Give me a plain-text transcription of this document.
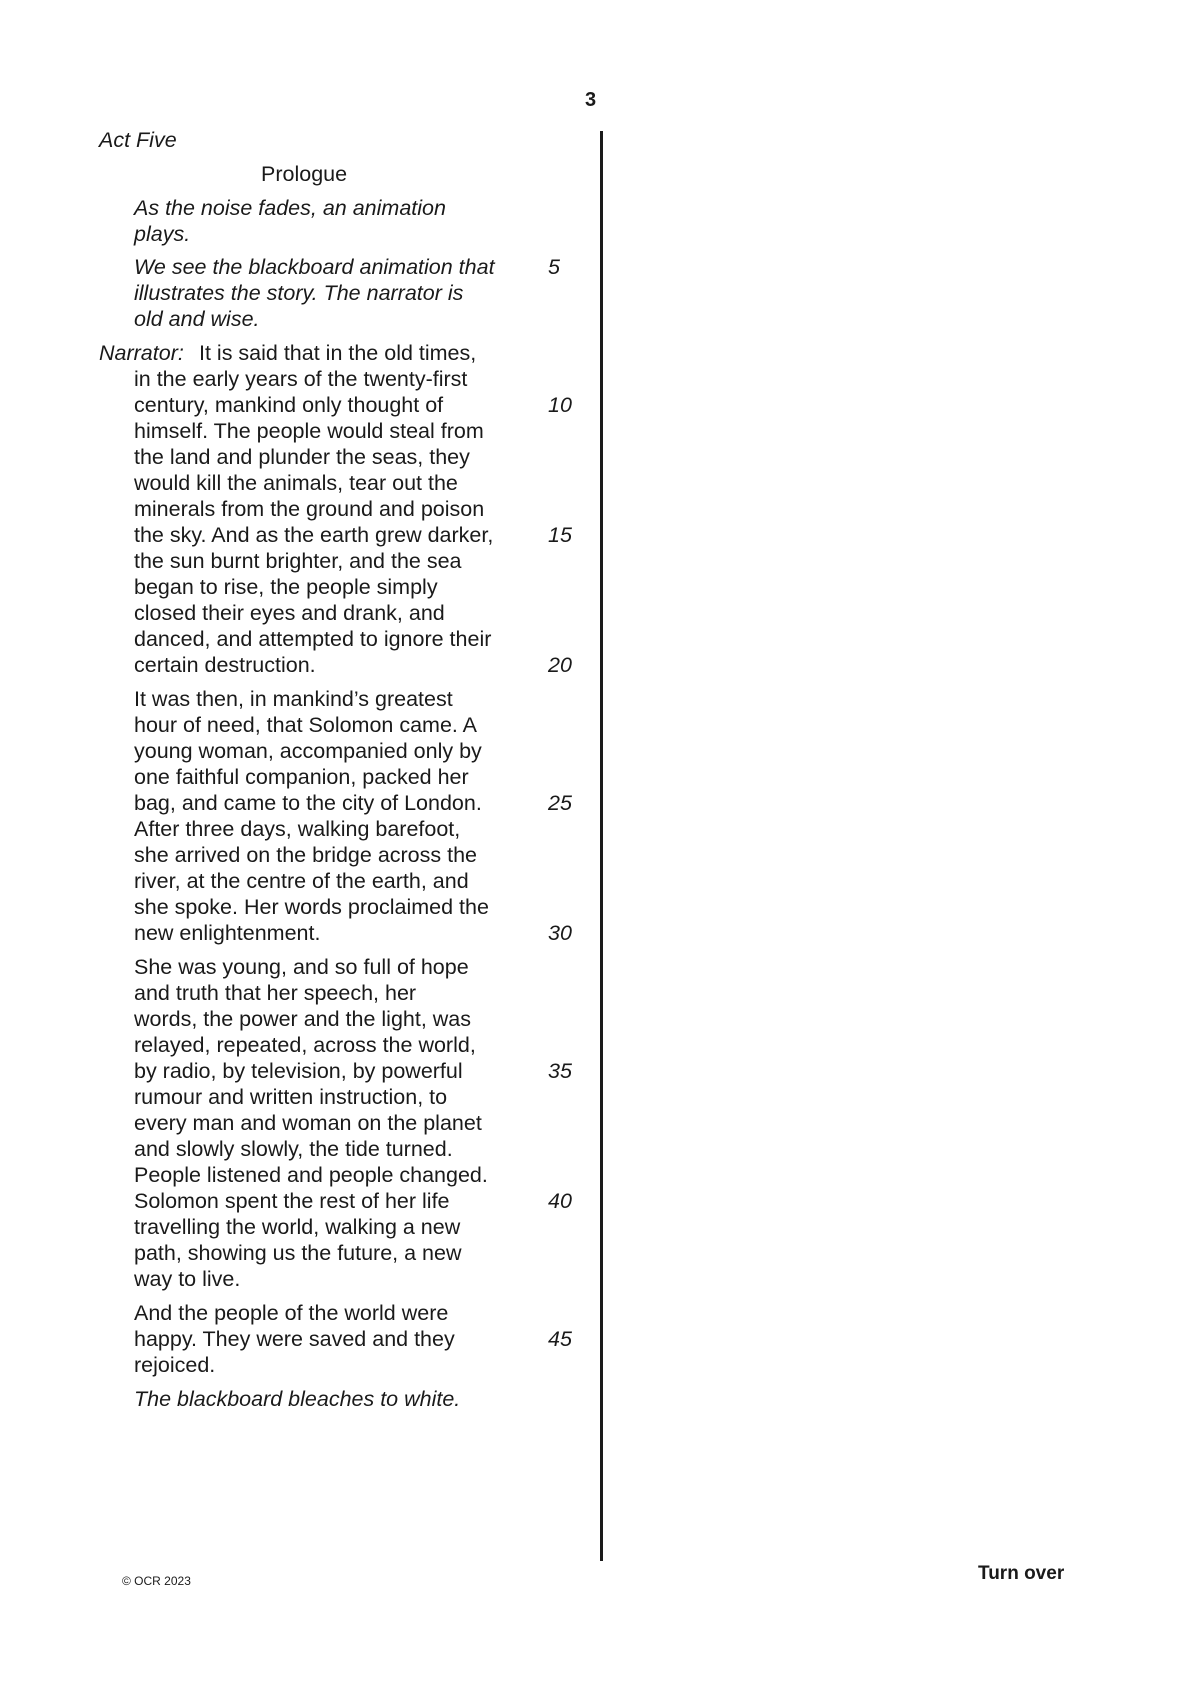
3
Act Five
Prologue
As the noise fades, an animation
plays.
We see the blackboard animation that
illustrates the story. The narrator is
old and wise.
Narrator: It is said that in the old times,
in the early years of the twenty-first
century, mankind only thought of
himself. The people would steal from
the land and plunder the seas, they
would kill the animals, tear out the
minerals from the ground and poison
the sky. And as the earth grew darker,
the sun burnt brighter, and the sea
began to rise, the people simply
closed their eyes and drank, and
danced, and attempted to ignore their
certain destruction.
It was then, in mankind’s greatest
hour of need, that Solomon came. A
young woman, accompanied only by
one faithful companion, packed her
bag, and came to the city of London.
After three days, walking barefoot,
she arrived on the bridge across the
river, at the centre of the earth, and
she spoke. Her words proclaimed the
new enlightenment.
She was young, and so full of hope
and truth that her speech, her
words, the power and the light, was
relayed, repeated, across the world,
by radio, by television, by powerful
rumour and written instruction, to
every man and woman on the planet
and slowly slowly, the tide turned.
People listened and people changed.
Solomon spent the rest of her life
travelling the world, walking a new
path, showing us the future, a new
way to live.
And the people of the world were
happy. They were saved and they
rejoiced.
The blackboard bleaches to white.
5
10
15
20
25
30
35
40
45
© OCR 2023	Turn over
